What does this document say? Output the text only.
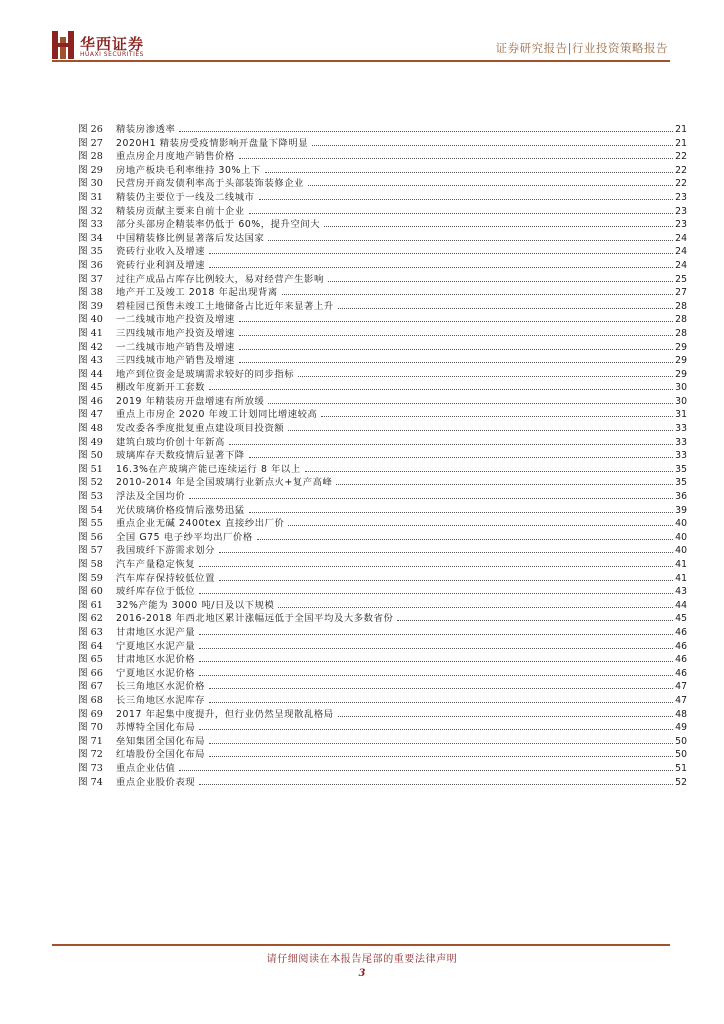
华西证券
HUAXI SECURITIES	证券研究报告|行业投资策略报告
图 26	精装房渗透率	21
图 27	2020H1 精装房受疫情影响开盘量下降明显	21
图 28	重点房企月度地产销售价格	22
图 29	房地产板块毛利率维持 30%上下	22
图 30	民营房开商发债利率高于头部装饰装修企业	22
图 31	精装仍主要位于一线及二线城市	23
图 32	精装房贡献主要来自前十企业	23
图 33	部分头部房企精装率仍低于 60%，提升空间大	23
图 34	中国精装修比例显著落后发达国家	24
图 35	瓷砖行业收入及增速	24
图 36	瓷砖行业利润及增速	24
图 37	过往产成品占库存比例较大，易对经营产生影响	25
图 38	地产开工及竣工 2018 年起出现背离	27
图 39	碧桂园已预售未竣工土地储备占比近年来显著上升	28
图 40	一二线城市地产投资及增速	28
图 41	三四线城市地产投资及增速	28
图 42	一二线城市地产销售及增速	29
图 43	三四线城市地产销售及增速	29
图 44	地产到位资金是玻璃需求较好的同步指标	29
图 45	棚改年度新开工套数	30
图 46	2019 年精装房开盘增速有所放缓	30
图 47	重点上市房企 2020 年竣工计划同比增速较高	31
图 48	发改委各季度批复重点建设项目投资额	33
图 49	建筑白玻均价创十年新高	33
图 50	玻璃库存天数疫情后显著下降	33
图 51	16.3%在产玻璃产能已连续运行 8 年以上	35
图 52	2010-2014 年是全国玻璃行业新点火+复产高峰	35
图 53	浮法及全国均价	36
图 54	光伏玻璃价格疫情后涨势迅猛	39
图 55	重点企业无碱 2400tex 直接纱出厂价	40
图 56	全国 G75 电子纱平均出厂价格	40
图 57	我国玻纤下游需求划分	40
图 58	汽车产量稳定恢复	41
图 59	汽车库存保持较低位置	41
图 60	玻纤库存位于低位	43
图 61	32%产能为 3000 吨/日及以下规模	44
图 62	2016-2018 年西北地区累计涨幅远低于全国平均及大多数省份	45
图 63	甘肃地区水泥产量	46
图 64	宁夏地区水泥产量	46
图 65	甘肃地区水泥价格	46
图 66	宁夏地区水泥价格	46
图 67	长三角地区水泥价格	47
图 68	长三角地区水泥库存	47
图 69	2017 年起集中度提升，但行业仍然呈现散乱格局	48
图 70	苏博特全国化布局	49
图 71	垒知集团全国化布局	50
图 72	红墙股份全国化布局	50
图 73	重点企业估值	51
图 74	重点企业股价表现	52
请仔细阅读在本报告尾部的重要法律声明
3
